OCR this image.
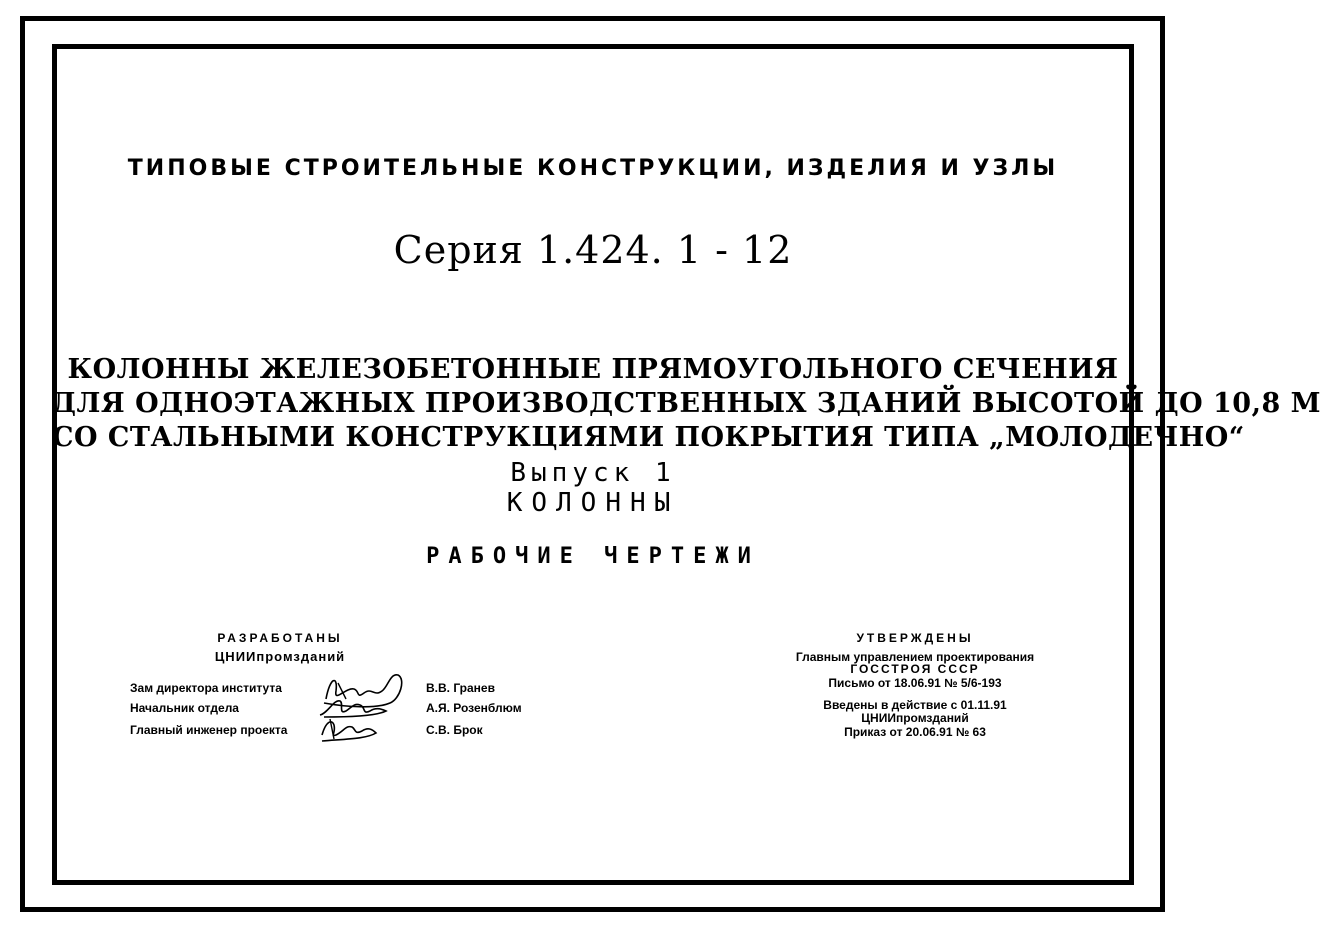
ТИПОВЫЕ СТРОИТЕЛЬНЫЕ КОНСТРУКЦИИ, ИЗДЕЛИЯ И УЗЛЫ
Серия 1.424. 1 - 12
КОЛОННЫ ЖЕЛЕЗОБЕТОННЫЕ ПРЯМОУГОЛЬНОГО СЕЧЕНИЯ
ДЛЯ ОДНОЭТАЖНЫХ ПРОИЗВОДСТВЕННЫХ ЗДАНИЙ ВЫСОТОЙ ДО 10,8 М
СО СТАЛЬНЫМИ КОНСТРУКЦИЯМИ ПОКРЫТИЯ ТИПА „МОЛОДЕЧНО“
Выпуск 1
КОЛОННЫ
РАБОЧИЕ ЧЕРТЕЖИ
РАЗРАБОТАНЫ
ЦНИИпромзданий
Зам директора института	В.В. Гранев
Начальник отдела	А.Я. Розенблюм
Главный инженер проекта	С.В. Брок
УТВЕРЖДЕНЫ
Главным управлением проектирования
ГОССТРОЯ СССР
Письмо от 18.06.91 № 5/6-193
Введены в действие с 01.11.91
ЦНИИпромзданий
Приказ от 20.06.91 № 63
